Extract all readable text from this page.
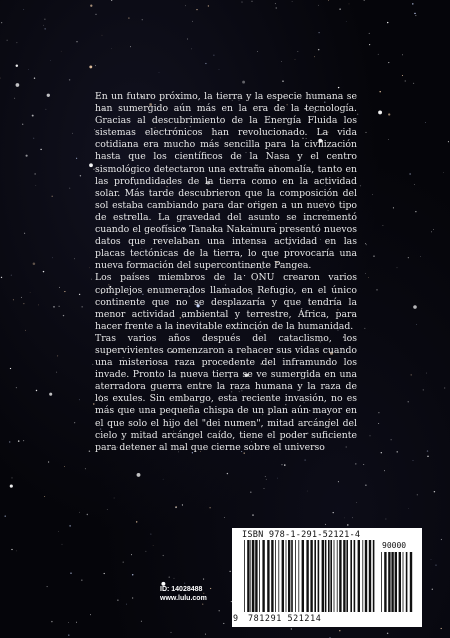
En un futuro próximo, la tierra y la especie humana se han sumergido aún más en la era de la tecnología. Gracias al descubrimiento de la Energía Fluida los sistemas electrónicos han revolucionado. La vida cotidiana era mucho más sencilla para la civilización hasta que los científicos de la Nasa y el centro sismológico detectaron una extraña anomalía, tanto en las profundidades de la tierra como en la actividad solar. Más tarde descubrieron que la composición del sol estaba cambiando para dar origen a un nuevo tipo de estrella. La gravedad del asunto se incrementó cuando el geofísico Tanaka Nakamura presentó nuevos datos que revelaban una intensa actividad en las placas tectónicas de la tierra, lo que provocaría una nueva formación del supercontinente Pangea.

Los países miembros de la ONU crearon varios complejos enumerados llamados Refugio, en el único continente que no se desplazaría y que tendría la menor actividad ambiental y terrestre, África, para hacer frente a la inevitable extinción de la humanidad.

Tras varios años después del cataclismo, los supervivientes comenzaron a rehacer sus vidas cuando una misteriosa raza procedente del inframundo los invade. Pronto la nueva tierra se ve sumergida en una aterradora guerra entre la raza humana y la raza de los exules. Sin embargo, esta reciente invasión, no es más que una pequeña chispa de un plan aún mayor en el que solo el hijo del "dei numen", mitad arcángel del cielo y mitad arcángel caído, tiene el poder suficiente para detener al mal que cierne sobre el universo

ID: 14028488
www.lulu.com
ISBN 978-1-291-52121-4
90000
9 781291 521214
